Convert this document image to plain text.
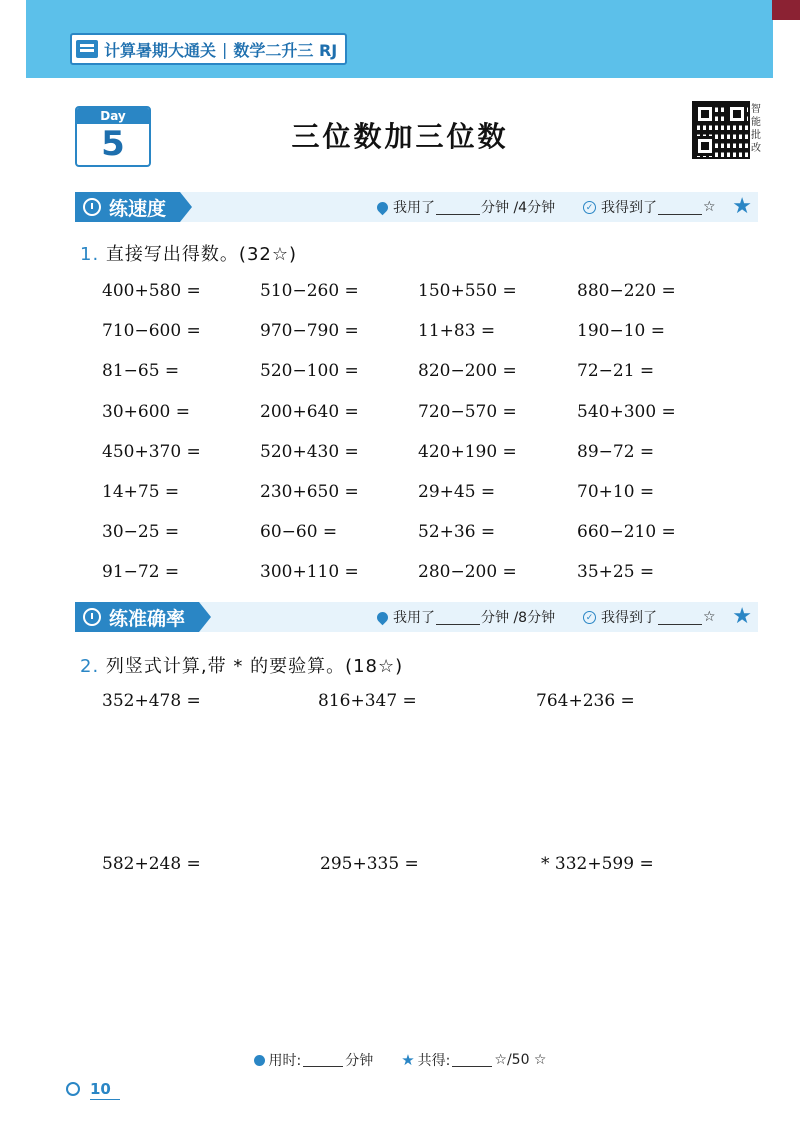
计算暑期大通关 | 数学二升三 RJ
Day
5	三位数加三位数
智能批改
练速度	我用了	分钟 /4分钟	✓ 我得到了	☆ ★
1. 直接写出得数。(32☆)
400+580 =	510−260 =	150+550 =	880−220 =
710−600 =	970−790 =	11+83 =	190−10 =
81−65 =	520−100 =	820−200 =	72−21 =
30+600 =	200+640 =	720−570 =	540+300 =
450+370 =	520+430 =	420+190 =	89−72 =
14+75 =	230+650 =	29+45 =	70+10 =
30−25 =	60−60 =	52+36 =	660−210 =
91−72 =	300+110 =	280−200 =	35+25 =
练准确率	我用了	分钟 /8分钟	✓ 我得到了	☆ ★
2. 列竖式计算,带 * 的要验算。(18☆)
352+478 =	816+347 =	764+236 =
582+248 =	295+335 =	* 332+599 =
用时:	分钟 ★ 共得:	☆/50 ☆
10
